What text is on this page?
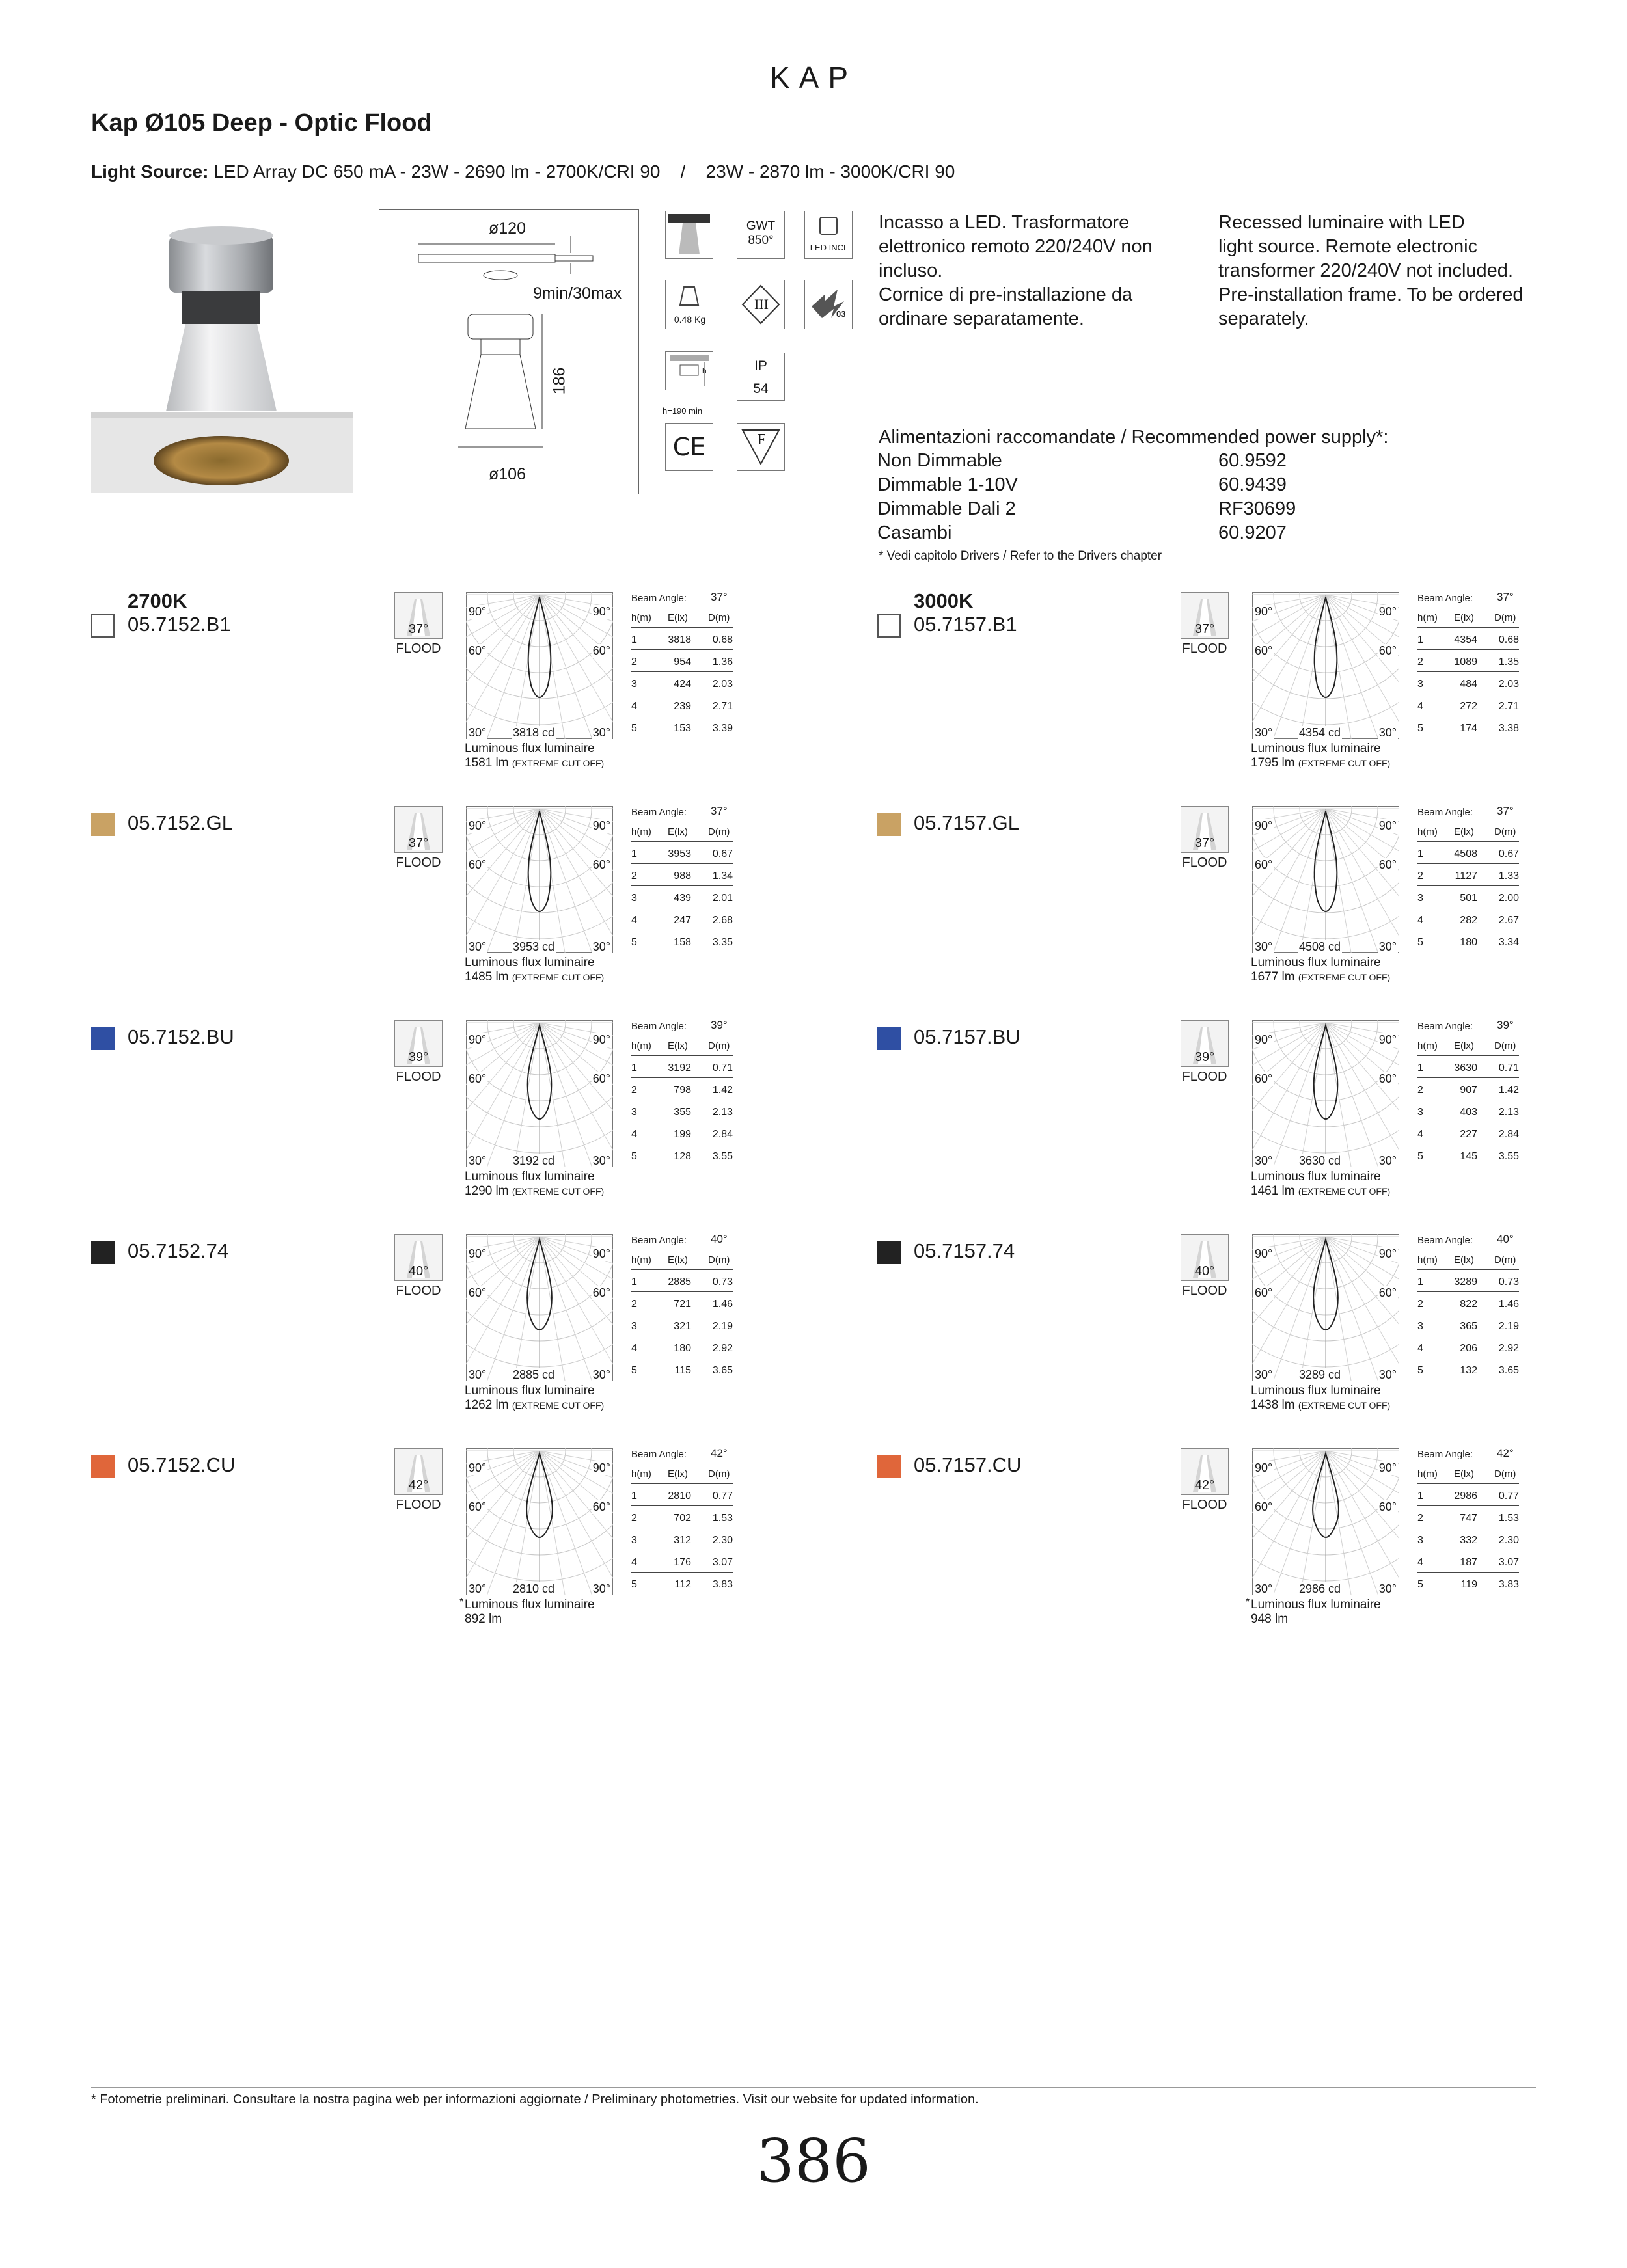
KAP
Kap Ø105 Deep - Optic Flood
Light Source: LED Array DC 650 mA - 23W - 2690 lm - 2700K/CRI 90    /    23W - 2870 lm - 3000K/CRI 90
ø120
9min/30max
186
ø106
GWT
850°
LED INCL
0.48 Kg
III
03
h
h=190 min
IP
54
CE	F
Incasso a LED. Trasformatore
elettronico remoto 220/240V non
incluso.
Cornice di pre-installazione da
ordinare separatamente.
Recessed luminaire with LED
light source. Remote electronic
transformer 220/240V not included.
Pre-installation frame. To be ordered
separately.
Alimentazioni raccomandate / Recommended power supply*:
Non Dimmable	60.9592
Dimmable 1-10V	60.9439
Dimmable Dali 2	RF30699
Casambi	60.9207
* Vedi capitolo Drivers / Refer to the Drivers chapter
2700K
05.7152.B1	37°
FLOOD
90°	90°
60°	60°
30°	30°
3818 cd
Luminous flux luminaire
1581 lm (EXTREME CUT OFF)
Beam Angle: 37°
h(m) E(lx) D(m)
1	3818 0.68
2	954 1.36
3	424 2.03
4	239 2.71
5	153 3.39
05.7152.GL
37°
FLOOD
90°	90°
60°	60°
30°	30°
3953 cd
Luminous flux luminaire
1485 lm (EXTREME CUT OFF)
Beam Angle: 37°
h(m) E(lx) D(m)
1	3953 0.67
2	988 1.34
3	439 2.01
4	247 2.68
5	158 3.35
05.7152.BU
39°
FLOOD
90°	90°
60°	60°
30°	30°
3192 cd
Luminous flux luminaire
1290 lm (EXTREME CUT OFF)
Beam Angle: 39°
h(m) E(lx) D(m)
1	3192 0.71
2	798 1.42
3	355 2.13
4	199 2.84
5	128 3.55
05.7152.74
40°
FLOOD
90°	90°
60°	60°
30°	30°
2885 cd
Luminous flux luminaire
1262 lm (EXTREME CUT OFF)
Beam Angle: 40°
h(m) E(lx) D(m)
1	2885 0.73
2	721 1.46
3	321 2.19
4	180 2.92
5	115 3.65
05.7152.CU
42°
FLOOD
90°	90°
60°	60°
30°	30°
2810 cd
* Luminous flux luminaire
892 lm
Beam Angle: 42°
h(m) E(lx) D(m)
1	2810 0.77
2	702 1.53
3	312 2.30
4	176 3.07
5	112 3.83
3000K
05.7157.B1	37°
FLOOD
90°	90°
60°	60°
30°	30°
4354 cd
Luminous flux luminaire
1795 lm (EXTREME CUT OFF)
Beam Angle: 37°
h(m) E(lx) D(m)
1	4354 0.68
2	1089 1.35
3	484 2.03
4	272 2.71
5	174 3.38
05.7157.GL
37°
FLOOD
90°	90°
60°	60°
30°	30°
4508 cd
Luminous flux luminaire
1677 lm (EXTREME CUT OFF)
Beam Angle: 37°
h(m) E(lx) D(m)
1	4508 0.67
2	1127 1.33
3	501 2.00
4	282 2.67
5	180 3.34
05.7157.BU
39°
FLOOD
90°	90°
60°	60°
30°	30°
3630 cd
Luminous flux luminaire
1461 lm (EXTREME CUT OFF)
Beam Angle: 39°
h(m) E(lx) D(m)
1	3630 0.71
2	907 1.42
3	403 2.13
4	227 2.84
5	145 3.55
05.7157.74
40°
FLOOD
90°	90°
60°	60°
30°	30°
3289 cd
Luminous flux luminaire
1438 lm (EXTREME CUT OFF)
Beam Angle: 40°
h(m) E(lx) D(m)
1	3289 0.73
2	822 1.46
3	365 2.19
4	206 2.92
5	132 3.65
05.7157.CU
42°
FLOOD
90°	90°
60°	60°
30°	30°
2986 cd
* Luminous flux luminaire
948 lm
Beam Angle: 42°
h(m) E(lx) D(m)
1	2986 0.77
2	747 1.53
3	332 2.30
4	187 3.07
5	119 3.83
* Fotometrie preliminari. Consultare la nostra pagina web per informazioni aggiornate / Preliminary photometries. Visit our website for updated information.
386
